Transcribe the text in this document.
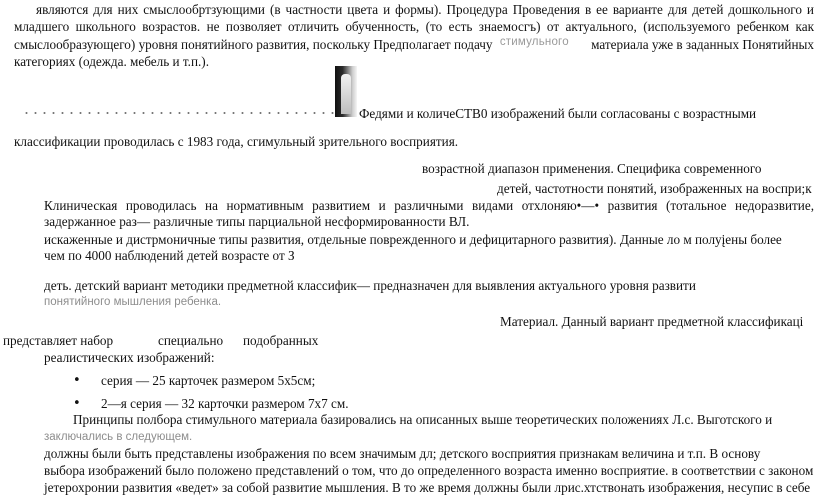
являются для них смыслообртзующими (в частности цвета и формы). Процедура Проведения в ее варианте для детей дошкольного и
младшего школьного возрастов. не позволяет отличить обученность, (то есть знаемосгъ) от актуального, (используемого ребенком как
смыслообразующего) уровня понятийного развития, поскольку Предполагает подачу стимульного	материала уже в заданных Понятийных
категориях (одежда. мебель и т.п.).
Федями и количеСТВ0 изображений были согласованы с возрастными
классификации проводилась с 1983 года, сгимульный зрительного восприятия.
возрастной диапазон применения. Специфика современного
детей, частотности понятий, изображенных на воспри;к
Клиническая проводилась на нормативным развитием и различными видами отхлоняю•—• развития (тотальное недоразвитие,
задержанное раз— различные типы парциальной несформированности ВЛ.
искаженные и дистрмоничные типы развития, отдельные поврежденного и дефицитарного развития). Данные ло м полуįены более
чем по 4000 наблюдений детей возрасте от З
деть. детский вариант методики предметной классифик— предназначен для выявления актуального уровня развити
понятийного мышления ребенка.
Материал. Данный вариант предметной классификаці
представляет набор	специально подобранных
реалистических изображений:
• серия — 25 карточек размером 5х5см;
• 2—я серия — 32 карточки размером 7х7 см.
Принципы полбора стимульного материала базировались на описанных выше теоретических положениях Л.с. Выготского и
заключались в следующем.
должны были быть представлены изображения по всем значимым дл; детского восприятия признакам величина и т.п. В основу
выбора изображений было положено представлений о том, что до определенного возраста именно восприятие. в соответствии с законом
jетерохронии развития «ведет» за собой развитие мышления. В то же время должны были лрис.хтствонать изображения, несупис в себе
